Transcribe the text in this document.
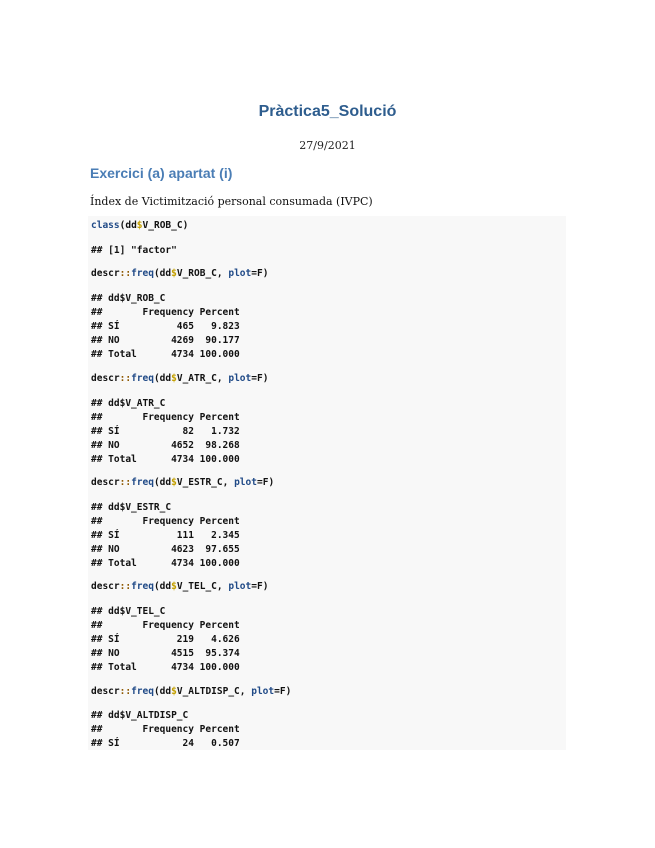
Pràctica5_Solució
27/9/2021
Exercici (a) apartat (i)
Índex de Victimització personal consumada (IVPC)
class(dd$V_ROB_C)
## [1] "factor"
descr::freq(dd$V_ROB_C, plot=F)
## dd$V_ROB_C
##       Frequency Percent
## SÍ          465   9.823
## NO         4269  90.177
## Total      4734 100.000
descr::freq(dd$V_ATR_C, plot=F)
## dd$V_ATR_C
##       Frequency Percent
## SÍ           82   1.732
## NO         4652  98.268
## Total      4734 100.000
descr::freq(dd$V_ESTR_C, plot=F)
## dd$V_ESTR_C
##       Frequency Percent
## SÍ          111   2.345
## NO         4623  97.655
## Total      4734 100.000
descr::freq(dd$V_TEL_C, plot=F)
## dd$V_TEL_C
##       Frequency Percent
## SÍ          219   4.626
## NO         4515  95.374
## Total      4734 100.000
descr::freq(dd$V_ALTDISP_C, plot=F)
## dd$V_ALTDISP_C
##       Frequency Percent
## SÍ           24   0.507
